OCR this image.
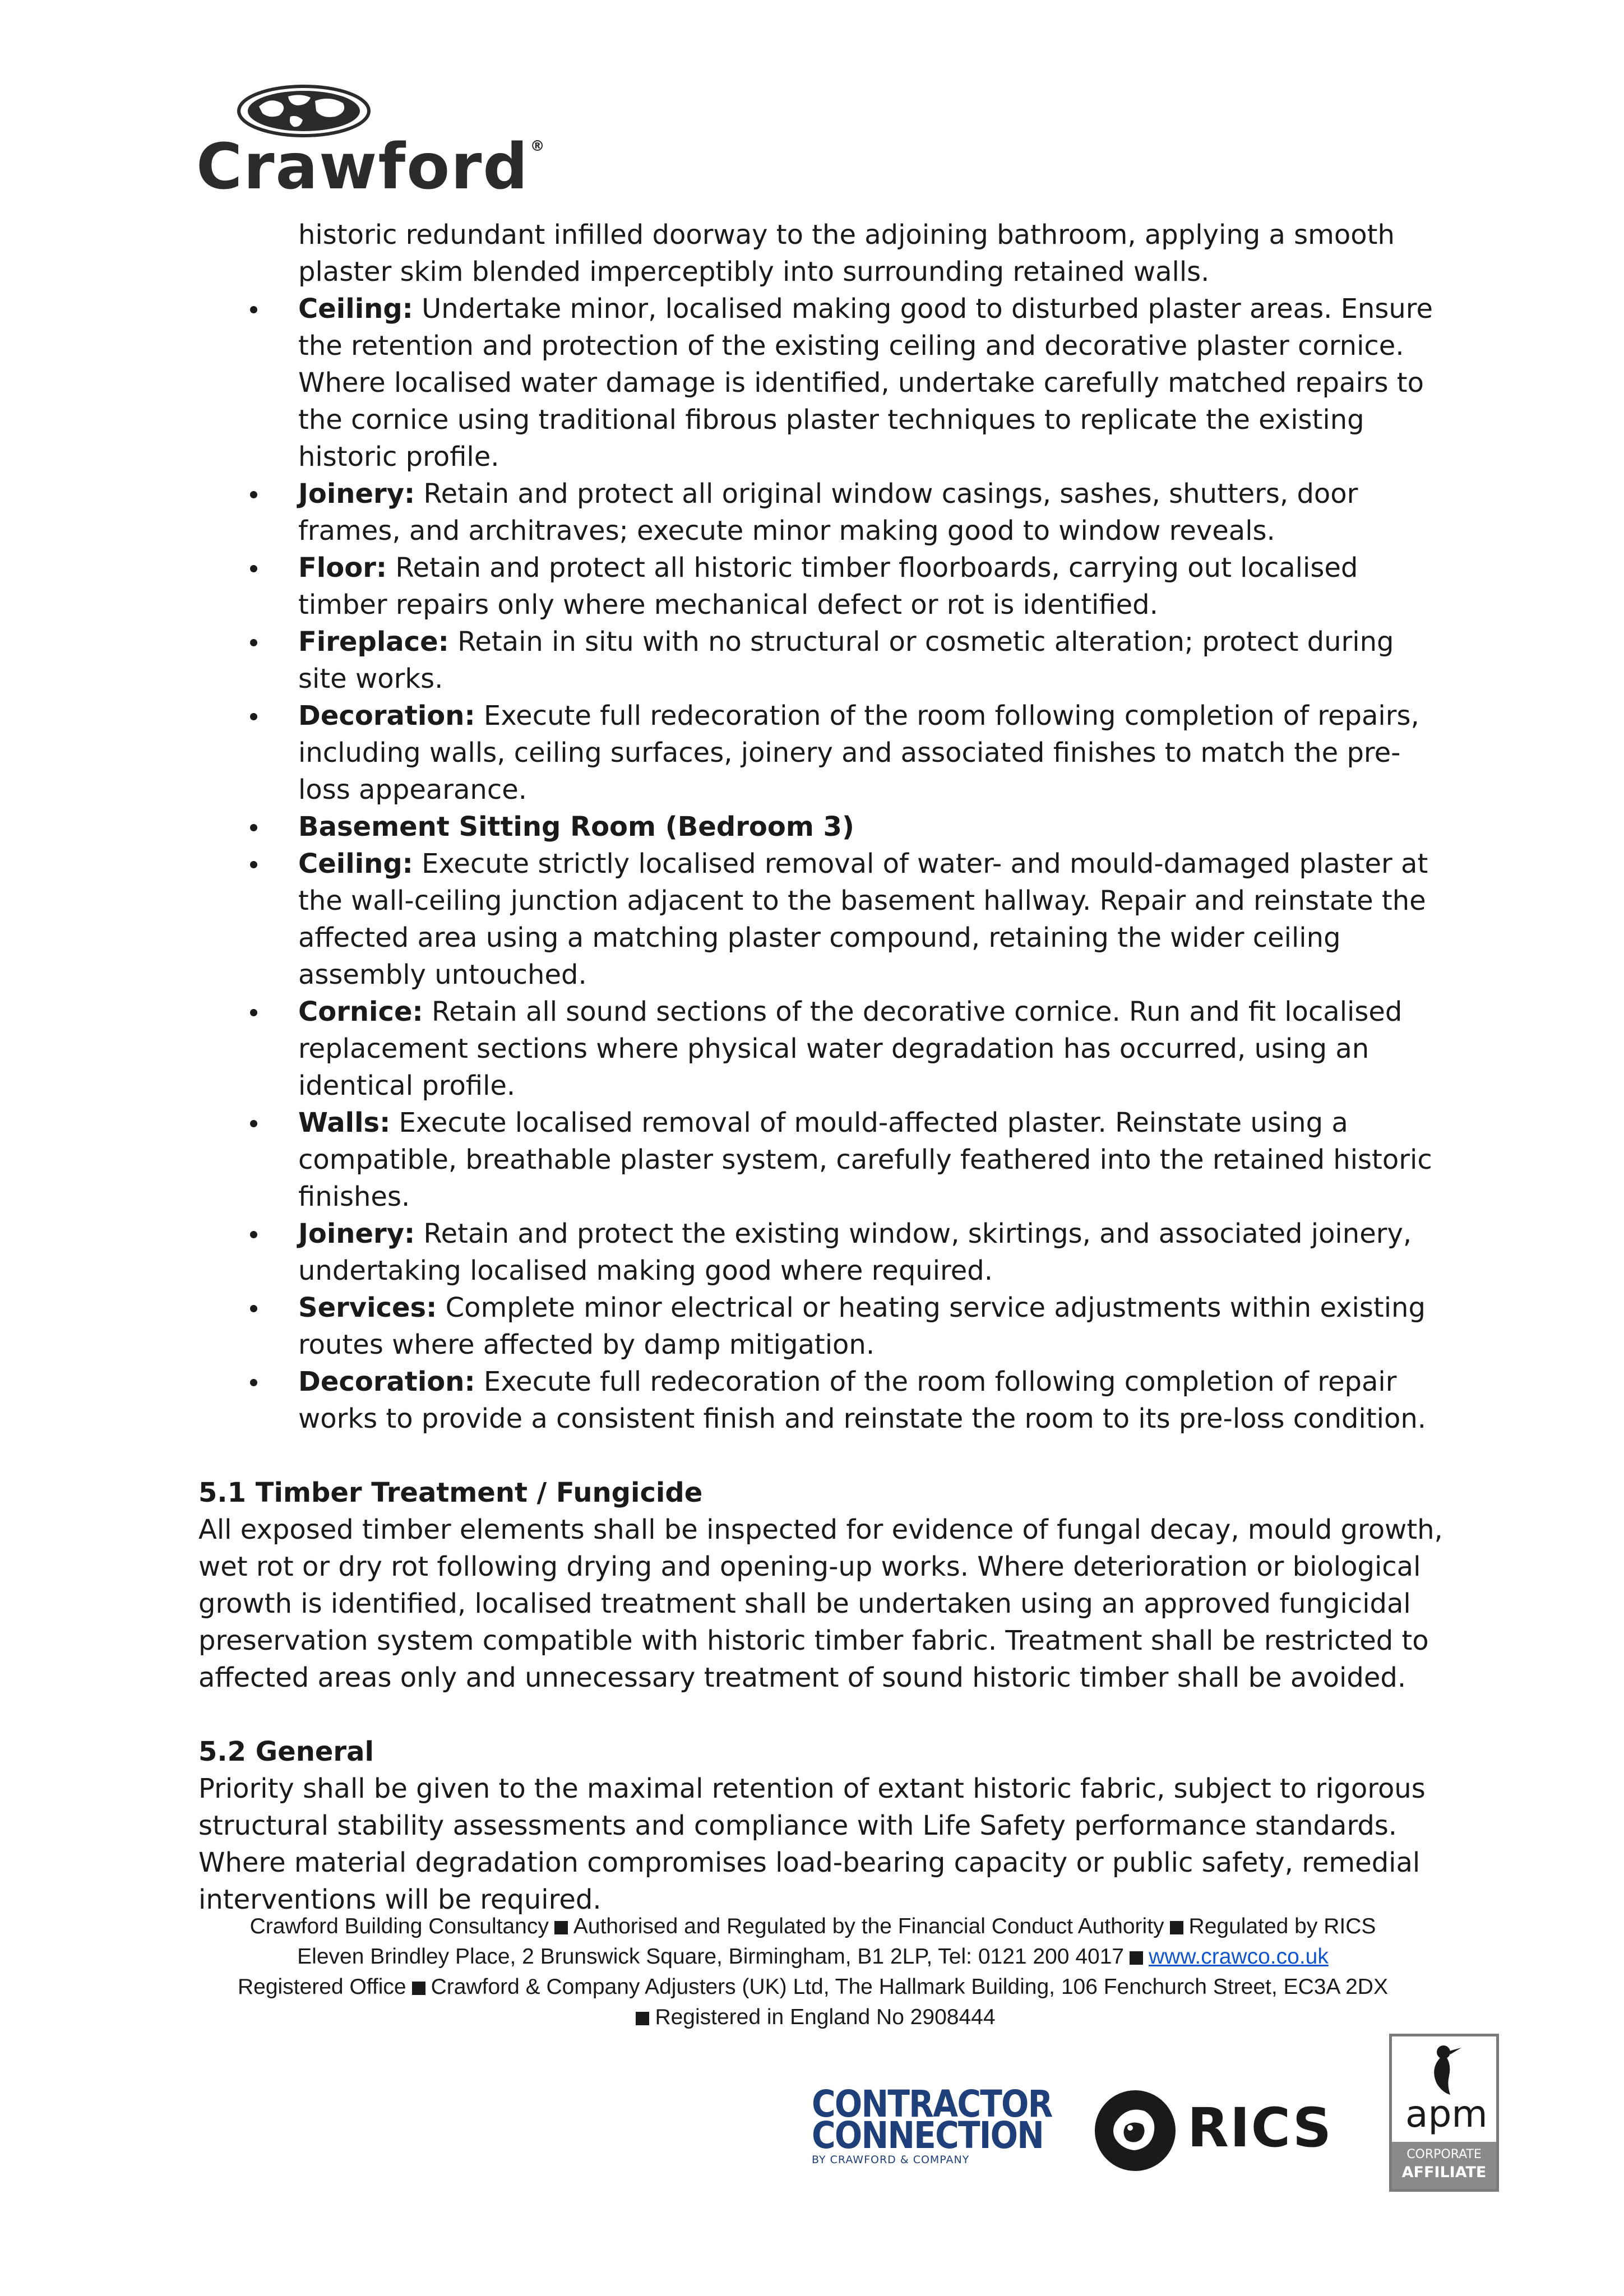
Crawford®
historic redundant infilled doorway to the adjoining bathroom, applying a smooth plaster skim blended imperceptibly into surrounding retained walls.
Ceiling: Undertake minor, localised making good to disturbed plaster areas. Ensure the retention and protection of the existing ceiling and decorative plaster cornice. Where localised water damage is identified, undertake carefully matched repairs to the cornice using traditional fibrous plaster techniques to replicate the existing historic profile.
Joinery: Retain and protect all original window casings, sashes, shutters, door frames, and architraves; execute minor making good to window reveals.
Floor: Retain and protect all historic timber floorboards, carrying out localised timber repairs only where mechanical defect or rot is identified.
Fireplace: Retain in situ with no structural or cosmetic alteration; protect during site works.
Decoration: Execute full redecoration of the room following completion of repairs, including walls, ceiling surfaces, joinery and associated finishes to match the pre-loss appearance.
Basement Sitting Room (Bedroom 3)
Ceiling: Execute strictly localised removal of water- and mould-damaged plaster at the wall-ceiling junction adjacent to the basement hallway. Repair and reinstate the affected area using a matching plaster compound, retaining the wider ceiling assembly untouched.
Cornice: Retain all sound sections of the decorative cornice. Run and fit localised replacement sections where physical water degradation has occurred, using an identical profile.
Walls: Execute localised removal of mould-affected plaster. Reinstate using a compatible, breathable plaster system, carefully feathered into the retained historic finishes.
Joinery: Retain and protect the existing window, skirtings, and associated joinery, undertaking localised making good where required.
Services: Complete minor electrical or heating service adjustments within existing routes where affected by damp mitigation.
Decoration: Execute full redecoration of the room following completion of repair works to provide a consistent finish and reinstate the room to its pre-loss condition.
5.1 Timber Treatment / Fungicide

All exposed timber elements shall be inspected for evidence of fungal decay, mould growth, wet rot or dry rot following drying and opening-up works. Where deterioration or biological growth is identified, localised treatment shall be undertaken using an approved fungicidal preservation system compatible with historic timber fabric. Treatment shall be restricted to affected areas only and unnecessary treatment of sound historic timber shall be avoided.

5.2 General

Priority shall be given to the maximal retention of extant historic fabric, subject to rigorous structural stability assessments and compliance with Life Safety performance standards. Where material degradation compromises load-bearing capacity or public safety, remedial interventions will be required.

Crawford Building Consultancy Authorised and Regulated by the Financial Conduct Authority Regulated by RICS
Eleven Brindley Place, 2 Brunswick Square, Birmingham, B1 2LP, Tel: 0121 200 4017 www.crawco.co.uk
Registered Office Crawford & Company Adjusters (UK) Ltd, The Hallmark Building, 106 Fenchurch Street, EC3A 2DX
Registered in England No 2908444
CONTRACTOR
CONNECTION
BY CRAWFORD & COMPANY
RICS apm
CORPORATE
AFFILIATE
